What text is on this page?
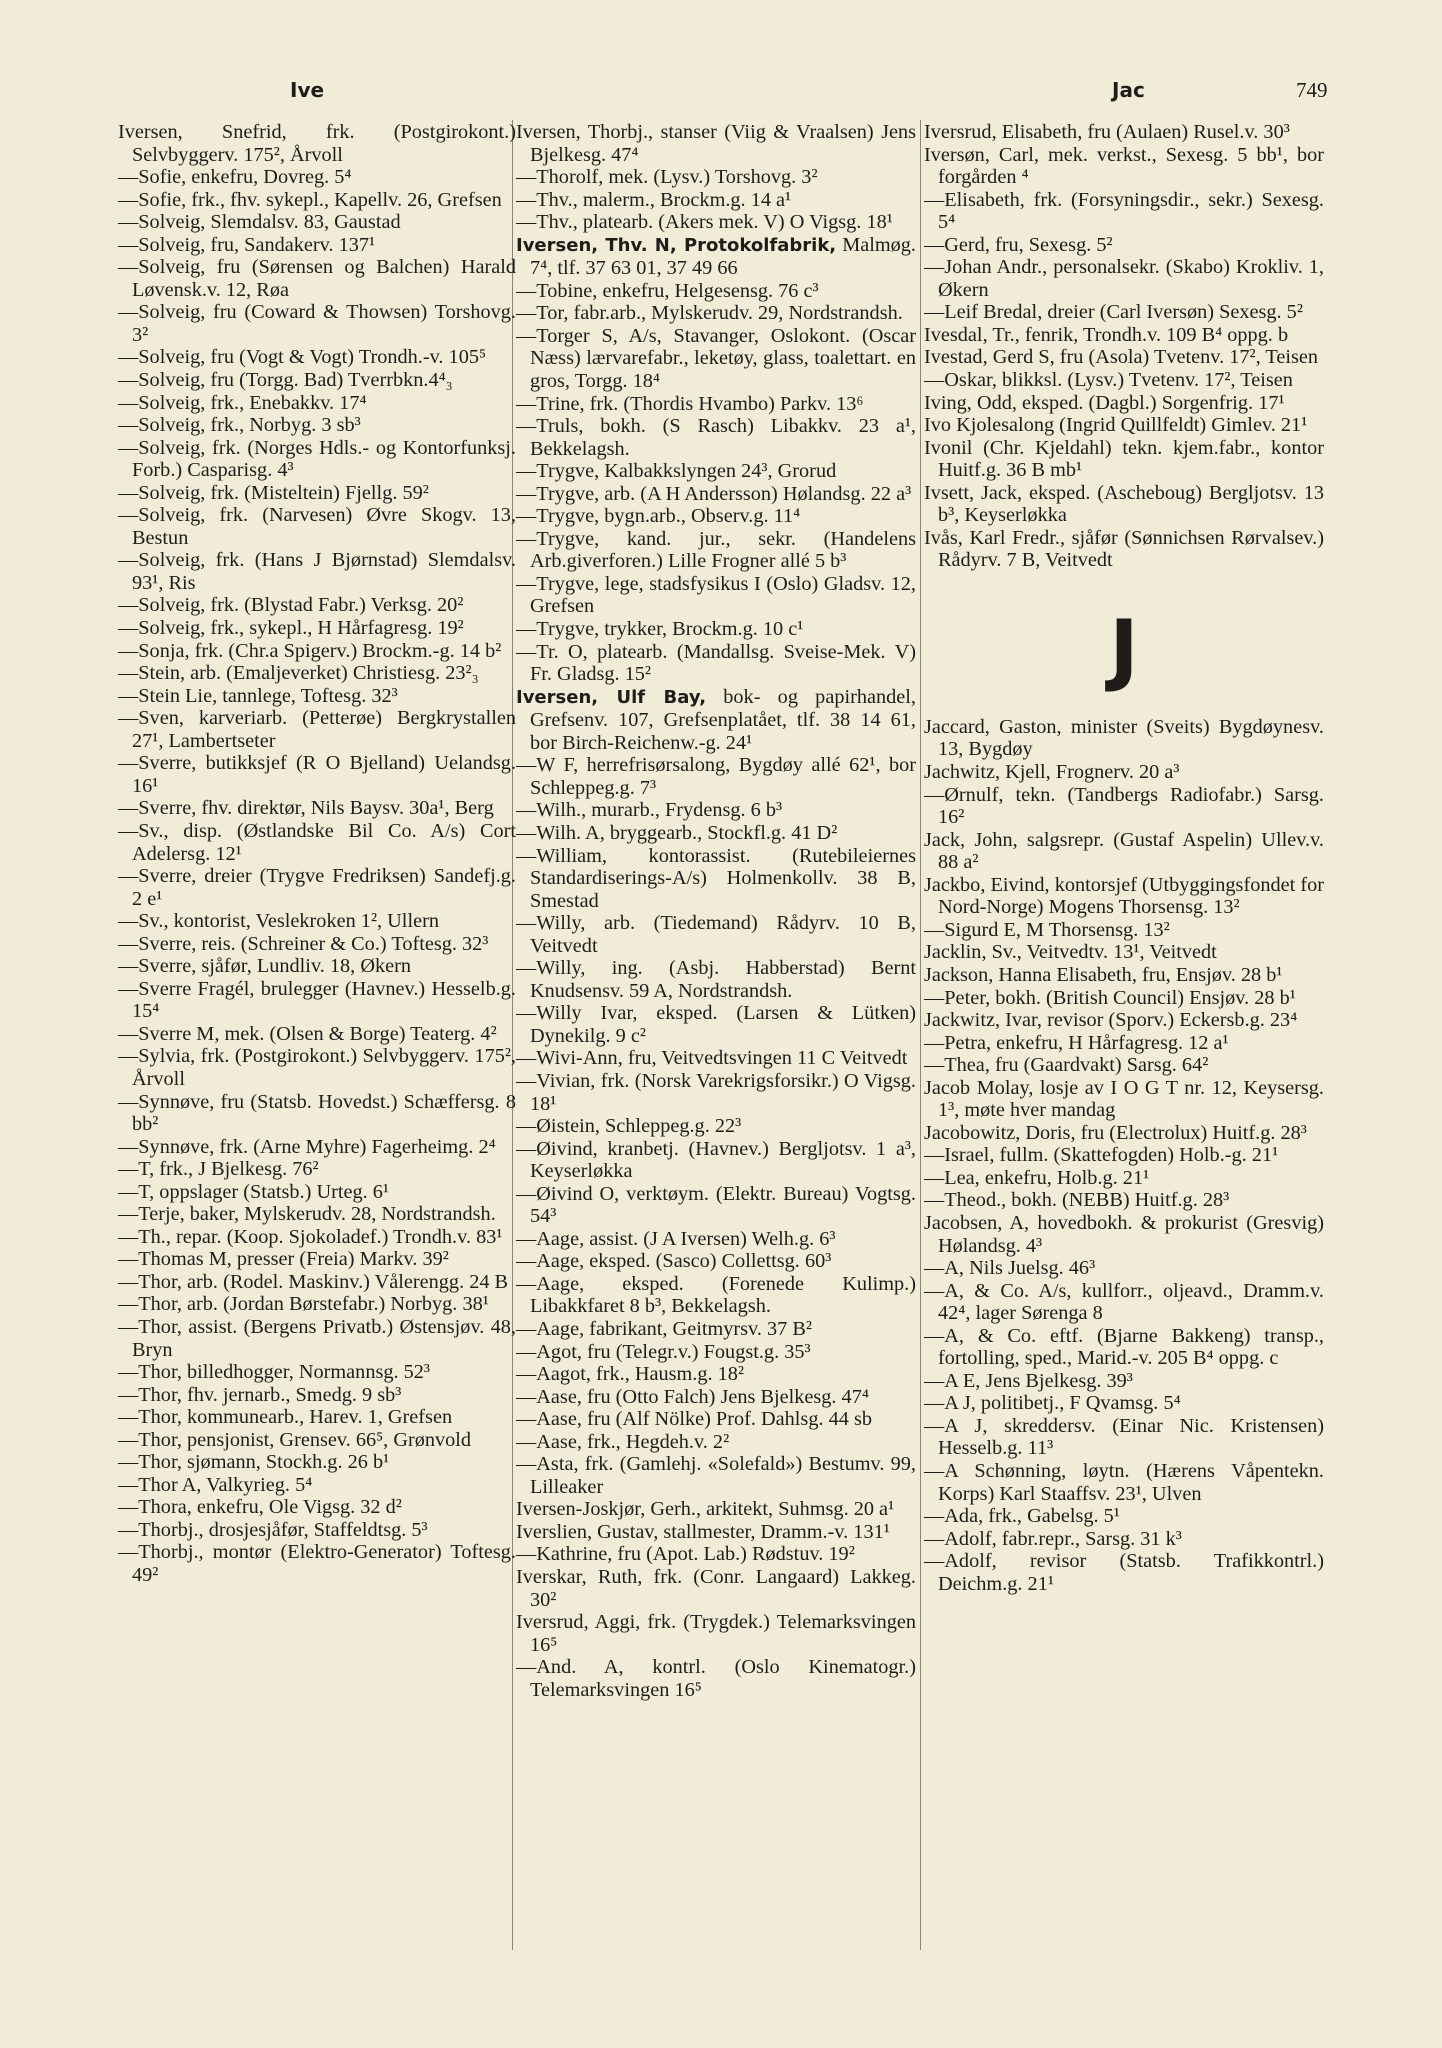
Ive	Jac	749
Iversen, Snefrid, frk. (Postgirokont.) Selvbyggerv. 175², Årvoll
—Sofie, enkefru, Dovreg. 5⁴
—Sofie, frk., fhv. sykepl., Kapellv. 26, Grefsen
—Solveig, Slemdalsv. 83, Gaustad
—Solveig, fru, Sandakerv. 137¹
—Solveig, fru (Sørensen og Balchen) Harald Løvensk.v. 12, Røa
—Solveig, fru (Coward & Thowsen) Torshovg. 3²
—Solveig, fru (Vogt & Vogt) Trondh.-v. 105⁵
—Solveig, fru (Torgg. Bad) Tverrbkn.4⁴₃
—Solveig, frk., Enebakkv. 17⁴
—Solveig, frk., Norbyg. 3 sb³
—Solveig, frk. (Norges Hdls.- og Kontorfunksj. Forb.) Casparisg. 4³
—Solveig, frk. (Misteltein) Fjellg. 59²
—Solveig, frk. (Narvesen) Øvre Skogv. 13, Bestun
—Solveig, frk. (Hans J Bjørnstad) Slemdalsv. 93¹, Ris
—Solveig, frk. (Blystad Fabr.) Verksg. 20²
—Solveig, frk., sykepl., H Hårfagresg. 19²
—Sonja, frk. (Chr.a Spigerv.) Brockm.-g. 14 b²
—Stein, arb. (Emaljeverket) Christiesg. 23²₃
—Stein Lie, tannlege, Toftesg. 32³
—Sven, karveriarb. (Petterøe) Bergkrystallen 27¹, Lambertseter
—Sverre, butikksjef (R O Bjelland) Uelandsg. 16¹
—Sverre, fhv. direktør, Nils Baysv. 30a¹, Berg
—Sv., disp. (Østlandske Bil Co. A/s) Cort Adelersg. 12¹
—Sverre, dreier (Trygve Fredriksen) Sandefj.g. 2 e¹
—Sv., kontorist, Veslekroken 1², Ullern
—Sverre, reis. (Schreiner & Co.) Toftesg. 32³
—Sverre, sjåfør, Lundliv. 18, Økern
—Sverre Fragél, brulegger (Havnev.) Hesselb.g. 15⁴
—Sverre M, mek. (Olsen & Borge) Teaterg. 4²
—Sylvia, frk. (Postgirokont.) Selvbyggerv. 175², Årvoll
—Synnøve, fru (Statsb. Hovedst.) Schæffersg. 8 bb²
—Synnøve, frk. (Arne Myhre) Fagerheimg. 2⁴
—T, frk., J Bjelkesg. 76²
—T, oppslager (Statsb.) Urteg. 6¹
—Terje, baker, Mylskerudv. 28, Nordstrandsh.
—Th., repar. (Koop. Sjokoladef.) Trondh.v. 83¹
—Thomas M, presser (Freia) Markv. 39²
—Thor, arb. (Rodel. Maskinv.) Vålerengg. 24 B
—Thor, arb. (Jordan Børstefabr.) Norbyg. 38¹
—Thor, assist. (Bergens Privatb.) Østensjøv. 48, Bryn
—Thor, billedhogger, Normannsg. 52³
—Thor, fhv. jernarb., Smedg. 9 sb³
—Thor, kommunearb., Harev. 1, Grefsen
—Thor, pensjonist, Grensev. 66⁵, Grønvold
—Thor, sjømann, Stockh.g. 26 b¹
—Thor A, Valkyrieg. 5⁴
—Thora, enkefru, Ole Vigsg. 32 d²
—Thorbj., drosjesjåfør, Staffeldtsg. 5³
—Thorbj., montør (Elektro-Generator) Toftesg. 49²
Iversen, Thorbj., stanser (Viig & Vraalsen) Jens Bjelkesg. 47⁴
—Thorolf, mek. (Lysv.) Torshovg. 3²
—Thv., malerm., Brockm.g. 14 a¹
—Thv., platearb. (Akers mek. V) O Vigsg. 18¹
Iversen, Thv. N, Protokolfabrik, Malmøg. 7⁴, tlf. 37 63 01, 37 49 66
—Tobine, enkefru, Helgesensg. 76 c³
—Tor, fabr.arb., Mylskerudv. 29, Nordstrandsh.
—Torger S, A/s, Stavanger, Oslokont. (Oscar Næss) lærvarefabr., leketøy, glass, toalettart. en gros, Torgg. 18⁴
—Trine, frk. (Thordis Hvambo) Parkv. 13⁶
—Truls, bokh. (S Rasch) Libakkv. 23 a¹, Bekkelagsh.
—Trygve, Kalbakkslyngen 24³, Grorud
—Trygve, arb. (A H Andersson) Hølandsg. 22 a³
—Trygve, bygn.arb., Observ.g. 11⁴
—Trygve, kand. jur., sekr. (Handelens Arb.giverforen.) Lille Frogner allé 5 b³
—Trygve, lege, stadsfysikus I (Oslo) Gladsv. 12, Grefsen
—Trygve, trykker, Brockm.g. 10 c¹
—Tr. O, platearb. (Mandallsg. Sveise-Mek. V) Fr. Gladsg. 15²
Iversen, Ulf Bay, bok- og papirhandel, Grefsenv. 107, Grefsenplatået, tlf. 38 14 61, bor Birch-Reichenw.-g. 24¹
—W F, herrefrisørsalong, Bygdøy allé 62¹, bor Schleppeg.g. 7³
—Wilh., murarb., Frydensg. 6 b³
—Wilh. A, bryggearb., Stockfl.g. 41 D²
—William, kontorassist. (Rutebileiernes Standardiserings-A/s) Holmenkollv. 38 B, Smestad
—Willy, arb. (Tiedemand) Rådyrv. 10 B, Veitvedt
—Willy, ing. (Asbj. Habberstad) Bernt Knudsensv. 59 A, Nordstrandsh.
—Willy Ivar, eksped. (Larsen & Lütken) Dynekilg. 9 c²
—Wivi-Ann, fru, Veitvedtsvingen 11 C Veitvedt
—Vivian, frk. (Norsk Varekrigsforsikr.) O Vigsg. 18¹
—Øistein, Schleppeg.g. 22³
—Øivind, kranbetj. (Havnev.) Bergljotsv. 1 a³, Keyserløkka
—Øivind O, verktøym. (Elektr. Bureau) Vogtsg. 54³
—Aage, assist. (J A Iversen) Welh.g. 6³
—Aage, eksped. (Sasco) Collettsg. 60³
—Aage, eksped. (Forenede Kulimp.) Libakkfaret 8 b³, Bekkelagsh.
—Aage, fabrikant, Geitmyrsv. 37 B²
—Agot, fru (Telegr.v.) Fougst.g. 35³
—Aagot, frk., Hausm.g. 18²
—Aase, fru (Otto Falch) Jens Bjelkesg. 47⁴
—Aase, fru (Alf Nölke) Prof. Dahlsg. 44 sb
—Aase, frk., Hegdeh.v. 2²
—Asta, frk. (Gamlehj. «Solefald») Bestumv. 99, Lilleaker
Iversen-Joskjør, Gerh., arkitekt, Suhmsg. 20 a¹
Iverslien, Gustav, stallmester, Dramm.-v. 131¹
—Kathrine, fru (Apot. Lab.) Rødstuv. 19²
Iverskar, Ruth, frk. (Conr. Langaard) Lakkeg. 30²
Iversrud, Aggi, frk. (Trygdek.) Telemarksvingen 16⁵
—And. A, kontrl. (Oslo Kinematogr.) Telemarksvingen 16⁵
Iversrud, Elisabeth, fru (Aulaen) Rusel.v. 30³
Iversøn, Carl, mek. verkst., Sexesg. 5 bb¹, bor forgården ⁴
—Elisabeth, frk. (Forsyningsdir., sekr.) Sexesg. 5⁴
—Gerd, fru, Sexesg. 5²
—Johan Andr., personalsekr. (Skabo) Krokliv. 1, Økern
—Leif Bredal, dreier (Carl Iversøn) Sexesg. 5²
Ivesdal, Tr., fenrik, Trondh.v. 109 B⁴ oppg. b
Ivestad, Gerd S, fru (Asola) Tvetenv. 17², Teisen
—Oskar, blikksl. (Lysv.) Tvetenv. 17², Teisen
Iving, Odd, eksped. (Dagbl.) Sorgenfrig. 17¹
Ivo Kjolesalong (Ingrid Quillfeldt) Gimlev. 21¹
Ivonil (Chr. Kjeldahl) tekn. kjem.fabr., kontor Huitf.g. 36 B mb¹
Ivsett, Jack, eksped. (Ascheboug) Bergljotsv. 13 b³, Keyserløkka
Ivås, Karl Fredr., sjåfør (Sønnichsen Rørvalsev.) Rådyrv. 7 B, Veitvedt
J
Jaccard, Gaston, minister (Sveits) Bygdøynesv. 13, Bygdøy
Jachwitz, Kjell, Frognerv. 20 a³
—Ørnulf, tekn. (Tandbergs Radiofabr.) Sarsg. 16²
Jack, John, salgsrepr. (Gustaf Aspelin) Ullev.v. 88 a²
Jackbo, Eivind, kontorsjef (Utbyggingsfondet for Nord-Norge) Mogens Thorsensg. 13²
—Sigurd E, M Thorsensg. 13²
Jacklin, Sv., Veitvedtv. 13¹, Veitvedt
Jackson, Hanna Elisabeth, fru, Ensjøv. 28 b¹
—Peter, bokh. (British Council) Ensjøv. 28 b¹
Jackwitz, Ivar, revisor (Sporv.) Eckersb.g. 23⁴
—Petra, enkefru, H Hårfagresg. 12 a¹
—Thea, fru (Gaardvakt) Sarsg. 64²
Jacob Molay, losje av I O G T nr. 12, Keysersg. 1³, møte hver mandag
Jacobowitz, Doris, fru (Electrolux) Huitf.g. 28³
—Israel, fullm. (Skattefogden) Holb.-g. 21¹
—Lea, enkefru, Holb.g. 21¹
—Theod., bokh. (NEBB) Huitf.g. 28³
Jacobsen, A, hovedbokh. & prokurist (Gresvig) Hølandsg. 4³
—A, Nils Juelsg. 46³
—A, & Co. A/s, kullforr., oljeavd., Dramm.v. 42⁴, lager Sørenga 8
—A, & Co. eftf. (Bjarne Bakkeng) transp., fortolling, sped., Marid.-v. 205 B⁴ oppg. c
—A E, Jens Bjelkesg. 39³
—A J, politibetj., F Qvamsg. 5⁴
—A J, skreddersv. (Einar Nic. Kristensen) Hesselb.g. 11³
—A Schønning, løytn. (Hærens Våpentekn. Korps) Karl Staaffsv. 23¹, Ulven
—Ada, frk., Gabelsg. 5¹
—Adolf, fabr.repr., Sarsg. 31 k³
—Adolf, revisor (Statsb. Trafikkontrl.) Deichm.g. 21¹
